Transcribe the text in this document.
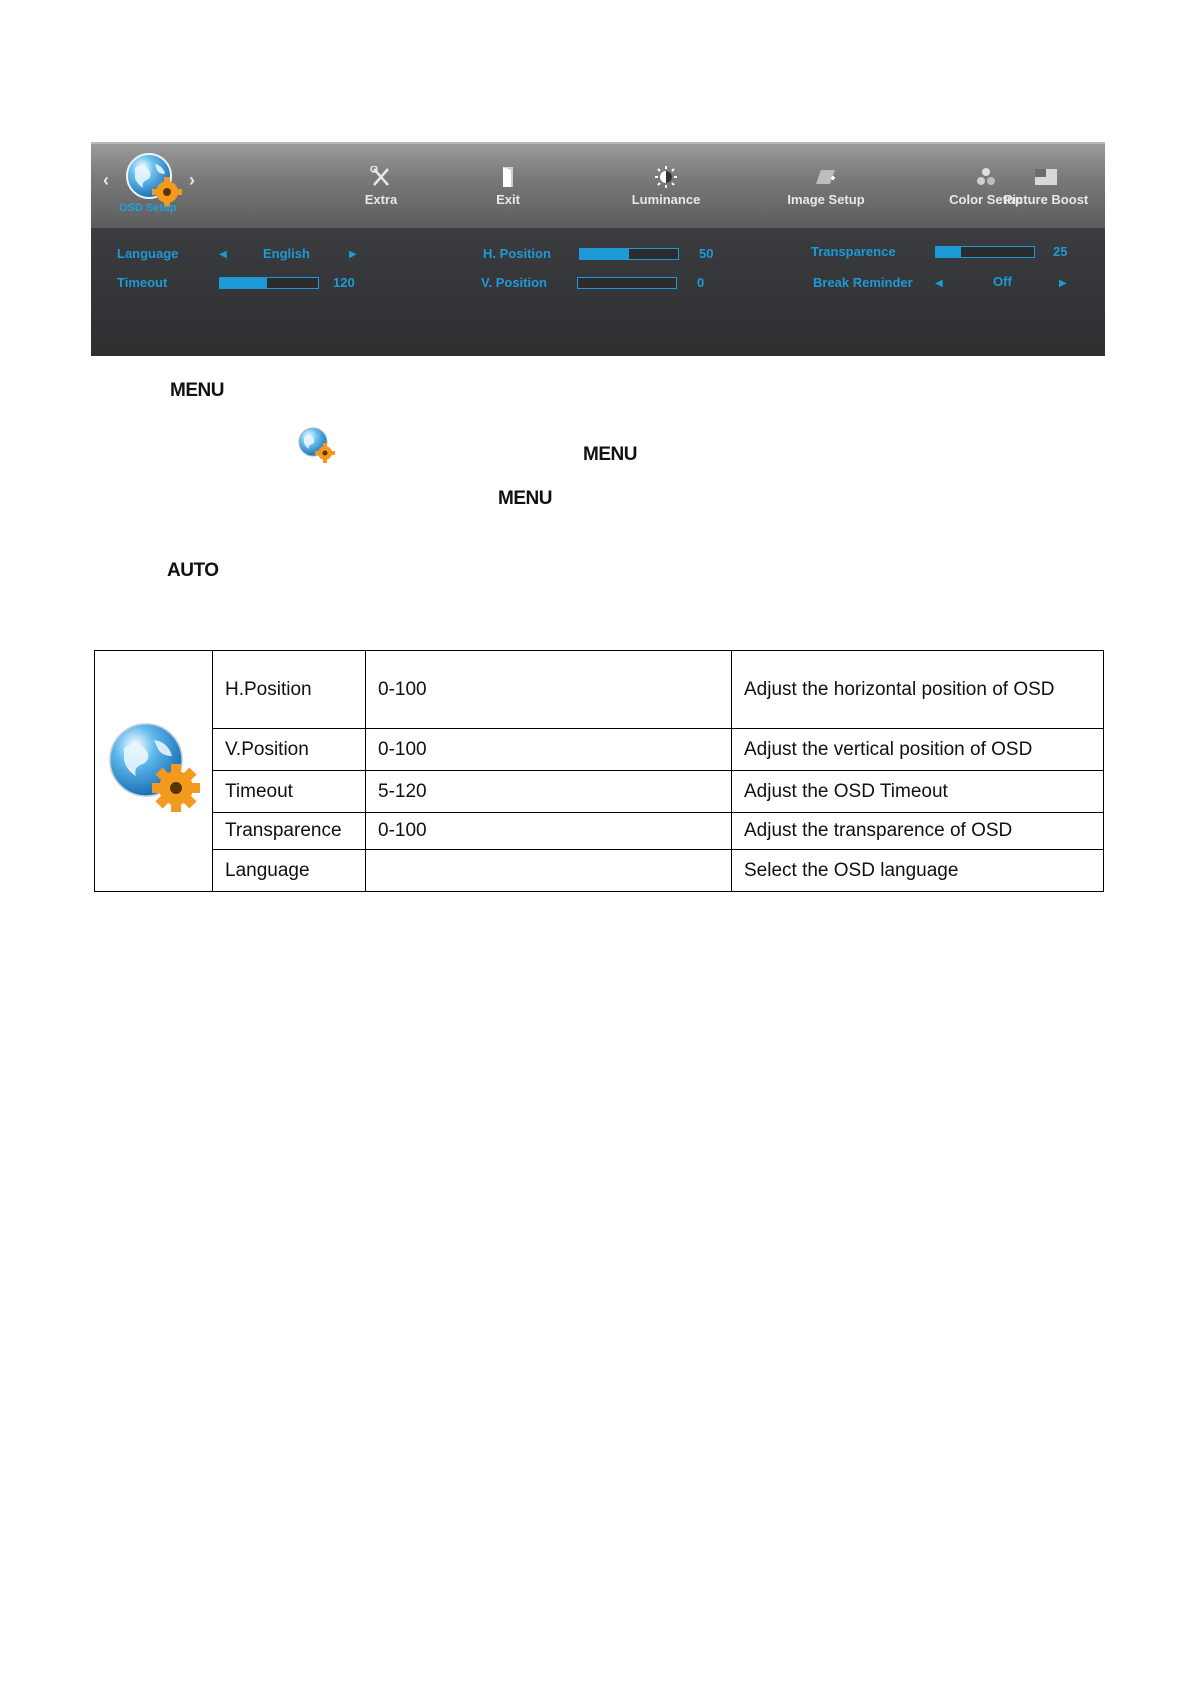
‹	›
OSD Setup
Extra	Exit	Luminance	Image Setup	Color Setup
Picture Boost
Language	◀	English	▶
Timeout	120
H. Position	50
V. Position	0
Transparence	25
Break Reminder ◀	Off	▶
MENU
MENU
MENU
AUTO
	H.Position	0-100	Adjust the horizontal position of OSD
	V.Position	0-100	Adjust the vertical position of OSD
	Timeout	5-120	Adjust the OSD Timeout
	Transparence	0-100	Adjust the transparence of OSD
	Language		Select the OSD language
